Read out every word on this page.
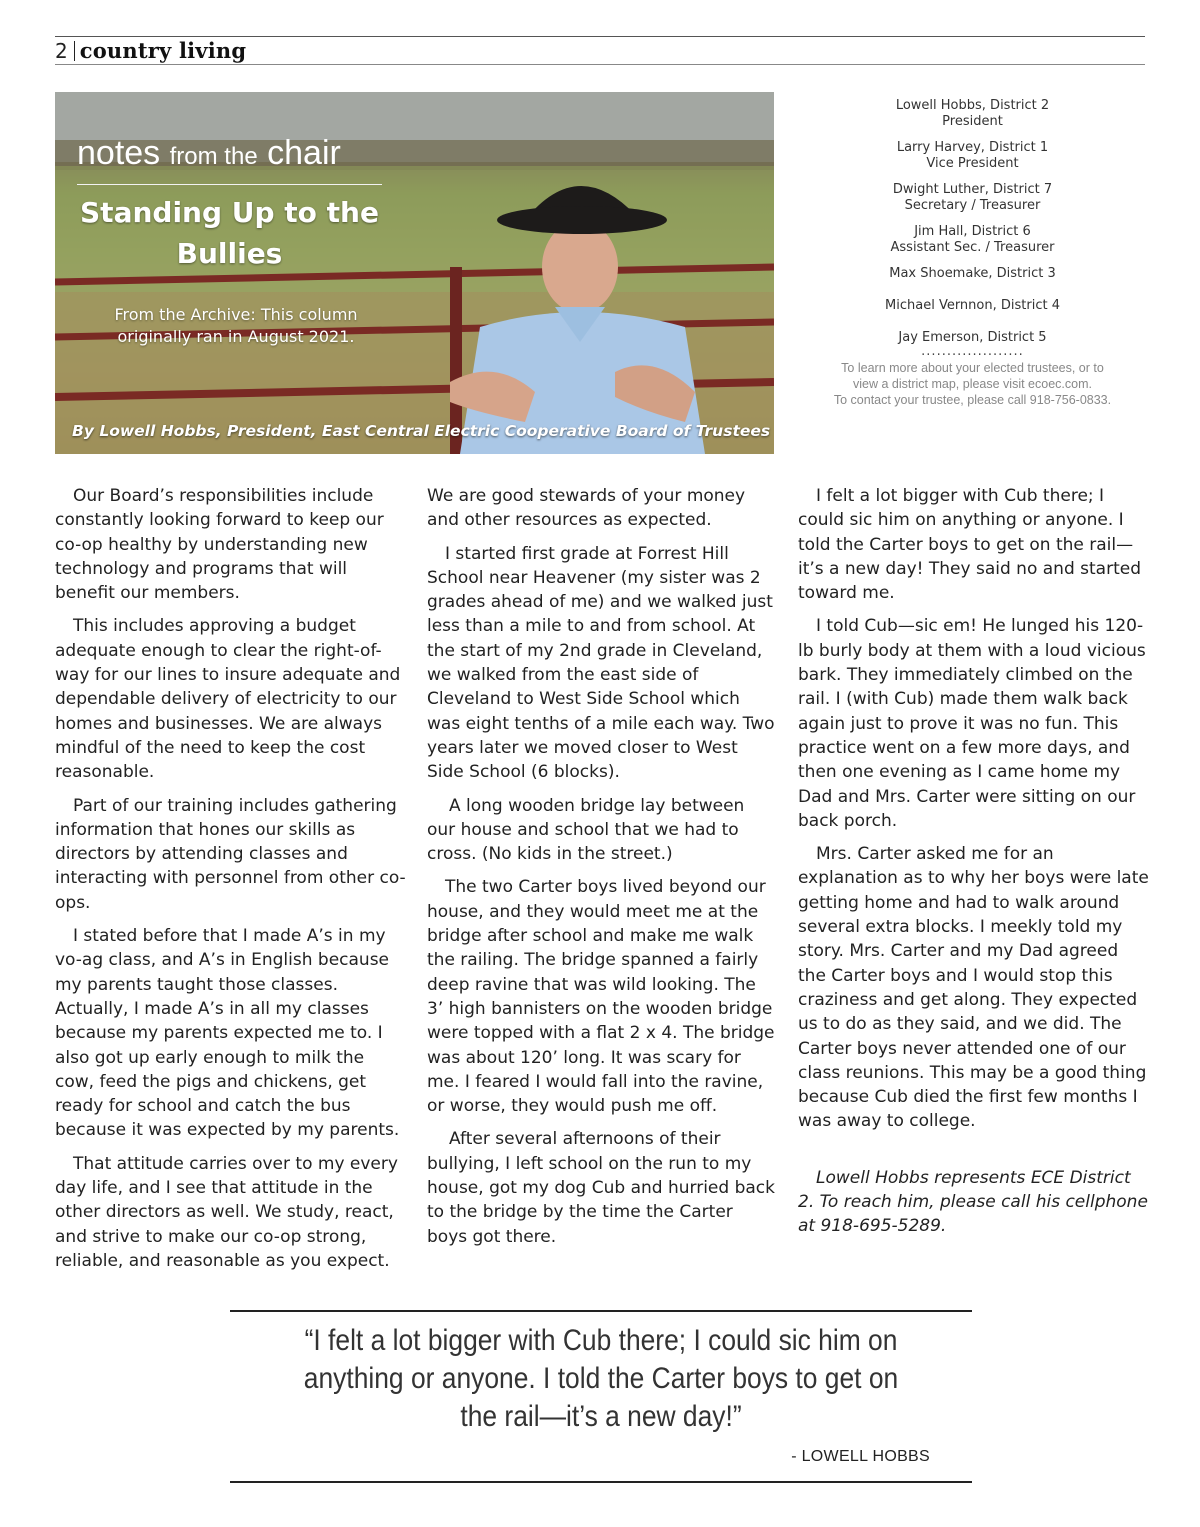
2 country living
notes from the chair
Standing Up to the Bullies
From the Archive: This column originally ran in August 2021.
By Lowell Hobbs, President, East Central Electric Cooperative Board of Trustees
Lowell Hobbs, District 2
President
Larry Harvey, District 1
Vice President
Dwight Luther, District 7
Secretary / Treasurer
Jim Hall, District 6
Assistant Sec. / Treasurer
Max Shoemake, District 3
Michael Vernnon, District 4
Jay Emerson, District 5
....................
To learn more about your elected trustees, or to
view a district map, please visit ecoec.com.
To contact your trustee, please call 918-756-0833.

Our Board’s responsibilities include constantly looking forward to keep our co-op healthy by understanding new technology and programs that will benefit our members.

This includes approving a budget adequate enough to clear the right-of-way for our lines to insure adequate and dependable delivery of electricity to our homes and businesses. We are always mindful of the need to keep the cost reasonable.

Part of our training includes gathering information that hones our skills as directors by attending classes and interacting with personnel from other co-ops.

I stated before that I made A’s in my vo-ag class, and A’s in English because my parents taught those classes. Actually, I made A’s in all my classes because my parents expected me to. I also got up early enough to milk the cow, feed the pigs and chickens, get ready for school and catch the bus because it was expected by my parents.

That attitude carries over to my every day life, and I see that attitude in the other directors as well. We study, react, and strive to make our co-op strong, reliable, and reasonable as you expect.

We are good stewards of your money and other resources as expected.

I started first grade at Forrest Hill School near Heavener (my sister was 2 grades ahead of me) and we walked just less than a mile to and from school. At the start of my 2nd grade in Cleveland, we walked from the east side of Cleveland to West Side School which was eight tenths of a mile each way. Two years later we moved closer to West Side School (6 blocks).

A long wooden bridge lay between our house and school that we had to cross. (No kids in the street.)

The two Carter boys lived beyond our house, and they would meet me at the bridge after school and make me walk the railing. The bridge spanned a fairly deep ravine that was wild looking. The 3’ high bannisters on the wooden bridge were topped with a flat 2 x 4. The bridge was about 120’ long. It was scary for me. I feared I would fall into the ravine, or worse, they would push me off.

After several afternoons of their bullying, I left school on the run to my house, got my dog Cub and hurried back to the bridge by the time the Carter boys got there.

I felt a lot bigger with Cub there; I could sic him on anything or anyone. I told the Carter boys to get on the rail—it’s a new day! They said no and started toward me.

I told Cub—sic em! He lunged his 120-lb burly body at them with a loud vicious bark. They immediately climbed on the rail. I (with Cub) made them walk back again just to prove it was no fun. This practice went on a few more days, and then one evening as I came home my Dad and Mrs. Carter were sitting on our back porch.

Mrs. Carter asked me for an explanation as to why her boys were late getting home and had to walk around several extra blocks. I meekly told my story. Mrs. Carter and my Dad agreed the Carter boys and I would stop this craziness and get along. They expected us to do as they said, and we did. The Carter boys never attended one of our class reunions. This may be a good thing because Cub died the first few months I was away to college.

Lowell Hobbs represents ECE District 2. To reach him, please call his cellphone at 918-695-5289.

“I felt a lot bigger with Cub there; I could sic him on
anything or anyone. I told the Carter boys to get on
the rail—it’s a new day!”
- LOWELL HOBBS
